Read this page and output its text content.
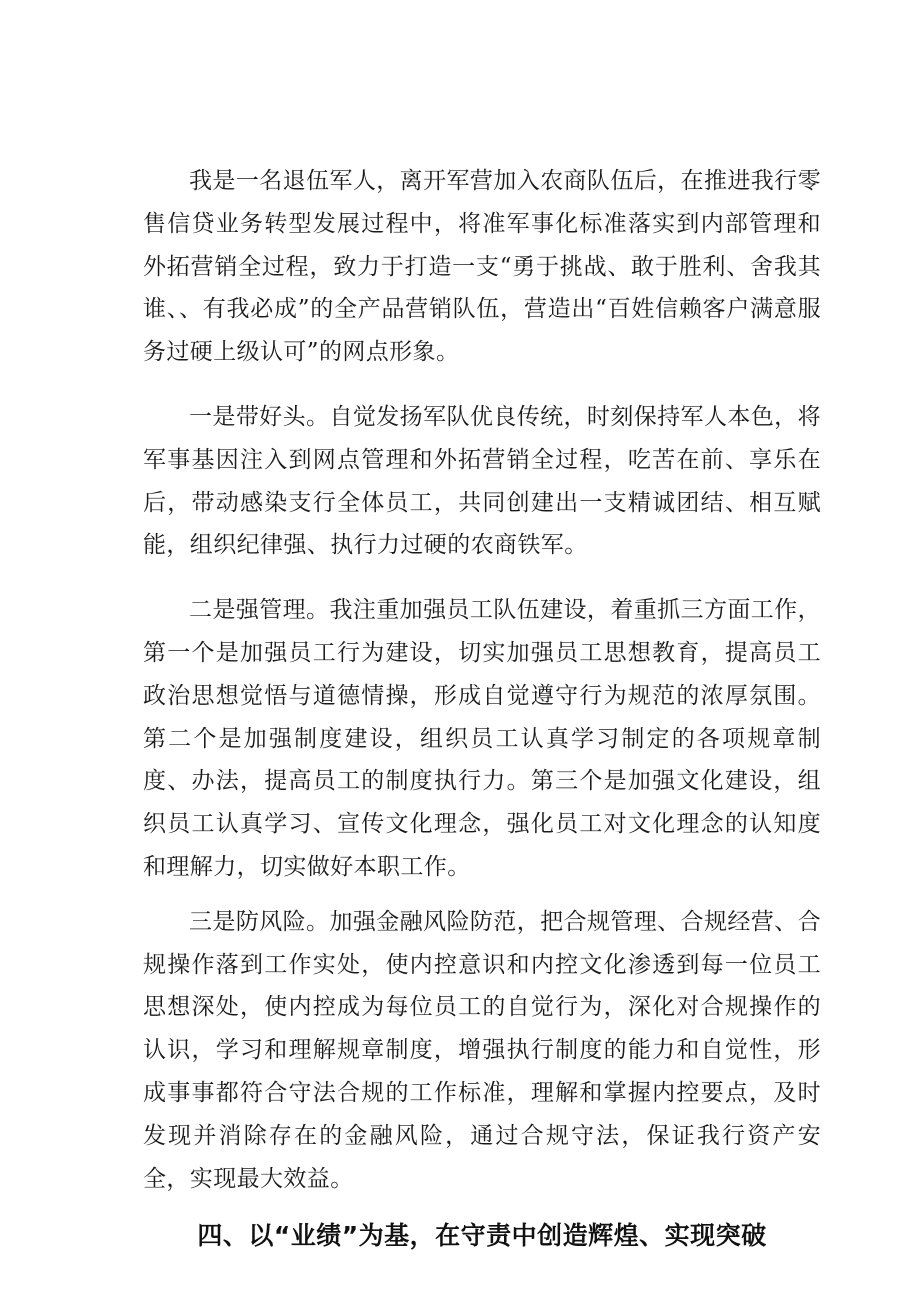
我是一名退伍军人，离开军营加入农商队伍后，在推进我行零售信贷业务转型发展过程中，将准军事化标准落实到内部管理和外拓营销全过程，致力于打造一支“勇于挑战、敢于胜利、舍我其谁、、有我必成”的全产品营销队伍，营造出“百姓信赖客户满意服务过硬上级认可”的网点形象。

一是带好头。自觉发扬军队优良传统，时刻保持军人本色，将军事基因注入到网点管理和外拓营销全过程，吃苦在前、享乐在后，带动感染支行全体员工，共同创建出一支精诚团结、相互赋能，组织纪律强、执行力过硬的农商铁军。

二是强管理。我注重加强员工队伍建设，着重抓三方面工作，第一个是加强员工行为建设，切实加强员工思想教育，提高员工政治思想觉悟与道德情操，形成自觉遵守行为规范的浓厚氛围。第二个是加强制度建设，组织员工认真学习制定的各项规章制度、办法，提高员工的制度执行力。第三个是加强文化建设，组织员工认真学习、宣传文化理念，强化员工对文化理念的认知度和理解力，切实做好本职工作。

三是防风险。加强金融风险防范，把合规管理、合规经营、合规操作落到工作实处，使内控意识和内控文化渗透到每一位员工思想深处，使内控成为每位员工的自觉行为，深化对合规操作的认识，学习和理解规章制度，增强执行制度的能力和自觉性，形成事事都符合守法合规的工作标准，理解和掌握内控要点，及时发现并消除存在的金融风险，通过合规守法，保证我行资产安全，实现最大效益。

四、以“业绩”为基，在守责中创造辉煌、实现突破
